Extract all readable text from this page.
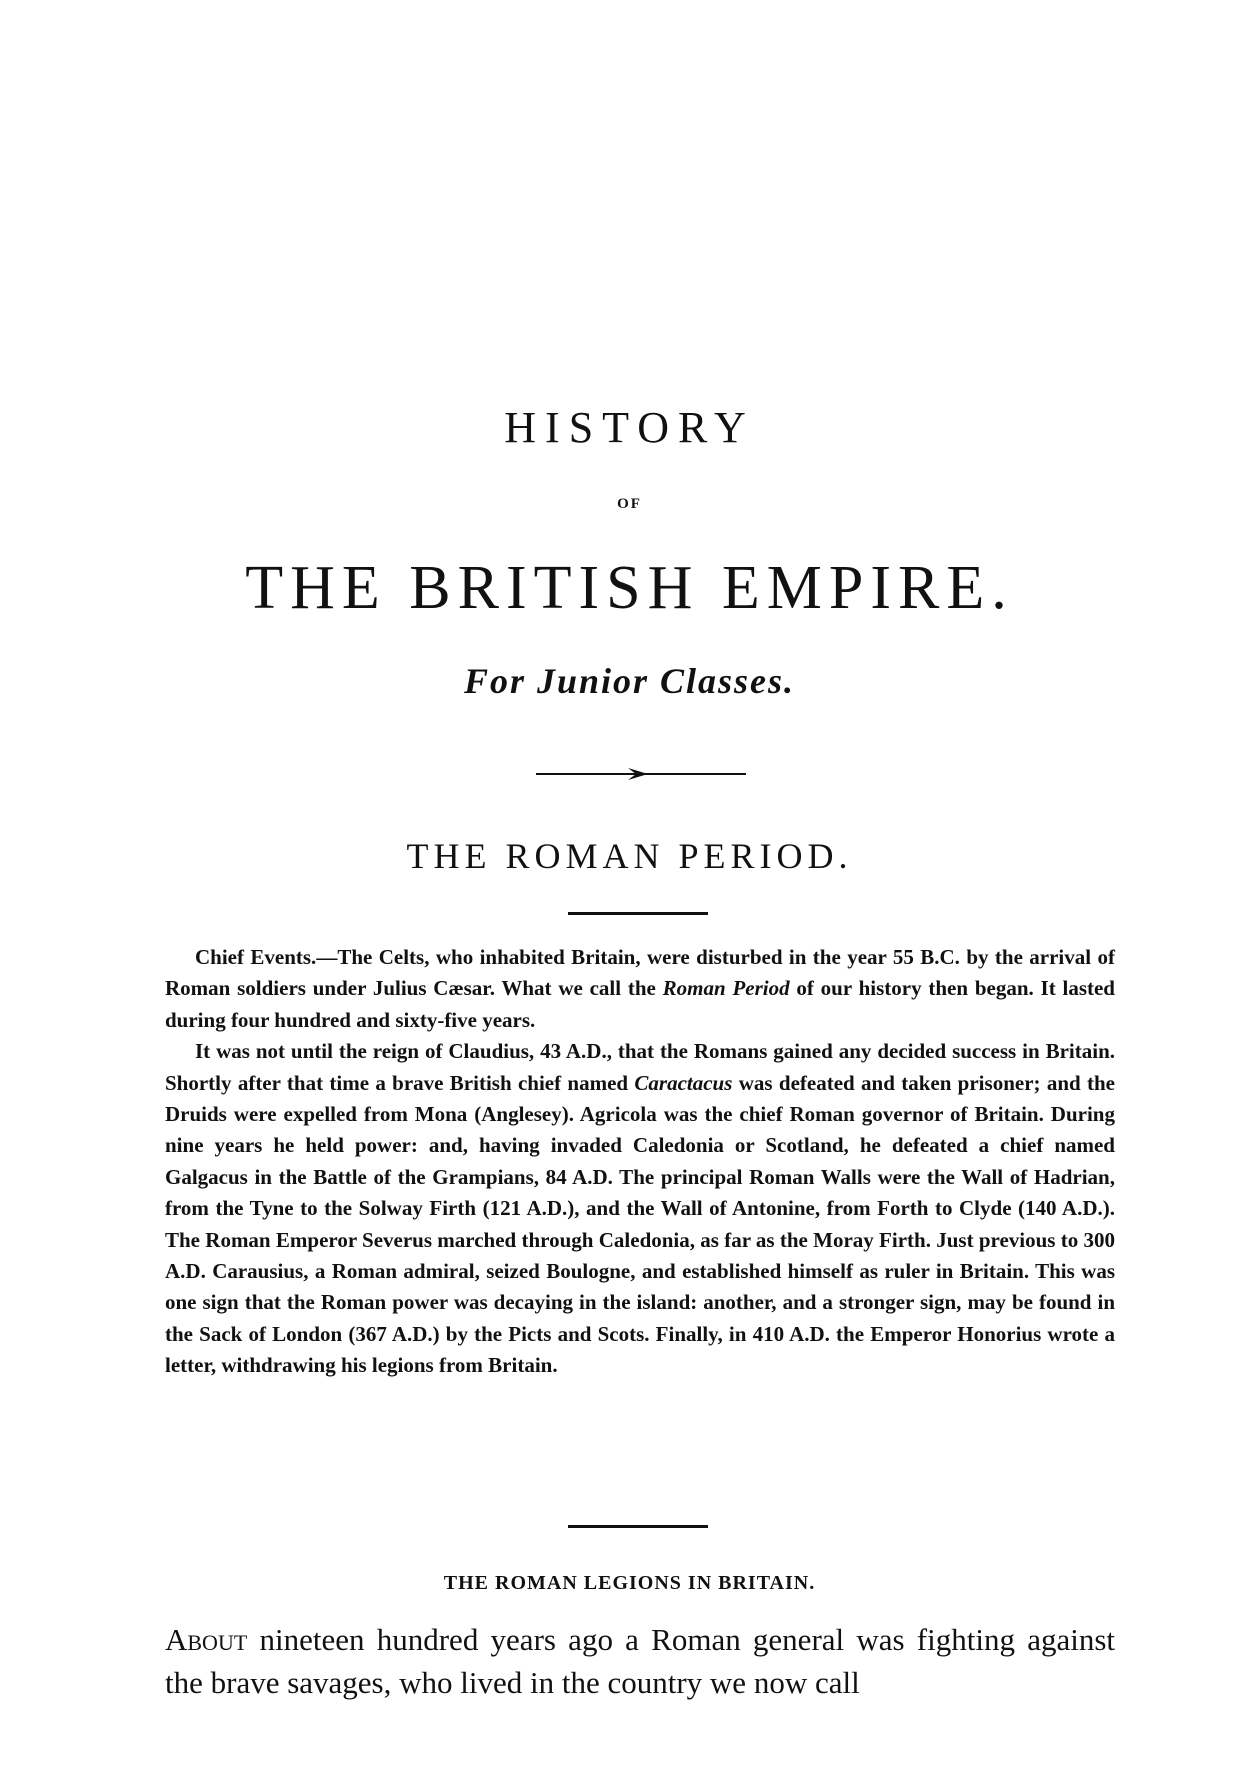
HISTORY
OF
THE BRITISH EMPIRE.
For Junior Classes.
THE ROMAN PERIOD.

Chief Events.—The Celts, who inhabited Britain, were disturbed in the year 55 B.C. by the arrival of Roman soldiers under Julius Cæsar. What we call the Roman Period of our history then began. It lasted during four hundred and sixty-five years.

It was not until the reign of Claudius, 43 A.D., that the Romans gained any decided success in Britain. Shortly after that time a brave British chief named Caractacus was defeated and taken prisoner; and the Druids were expelled from Mona (Anglesey). Agricola was the chief Roman governor of Britain. During nine years he held power: and, having invaded Caledonia or Scotland, he defeated a chief named Galgacus in the Battle of the Grampians, 84 A.D. The principal Roman Walls were the Wall of Hadrian, from the Tyne to the Solway Firth (121 A.D.), and the Wall of Antonine, from Forth to Clyde (140 A.D.). The Roman Emperor Severus marched through Caledonia, as far as the Moray Firth. Just previous to 300 A.D. Carausius, a Roman admiral, seized Boulogne, and established himself as ruler in Britain. This was one sign that the Roman power was decaying in the island: another, and a stronger sign, may be found in the Sack of London (367 A.D.) by the Picts and Scots. Finally, in 410 A.D. the Emperor Honorius wrote a letter, withdrawing his legions from Britain.

THE ROMAN LEGIONS IN BRITAIN.
About nineteen hundred years ago a Roman general was fighting against the brave savages, who lived in the country we now call
